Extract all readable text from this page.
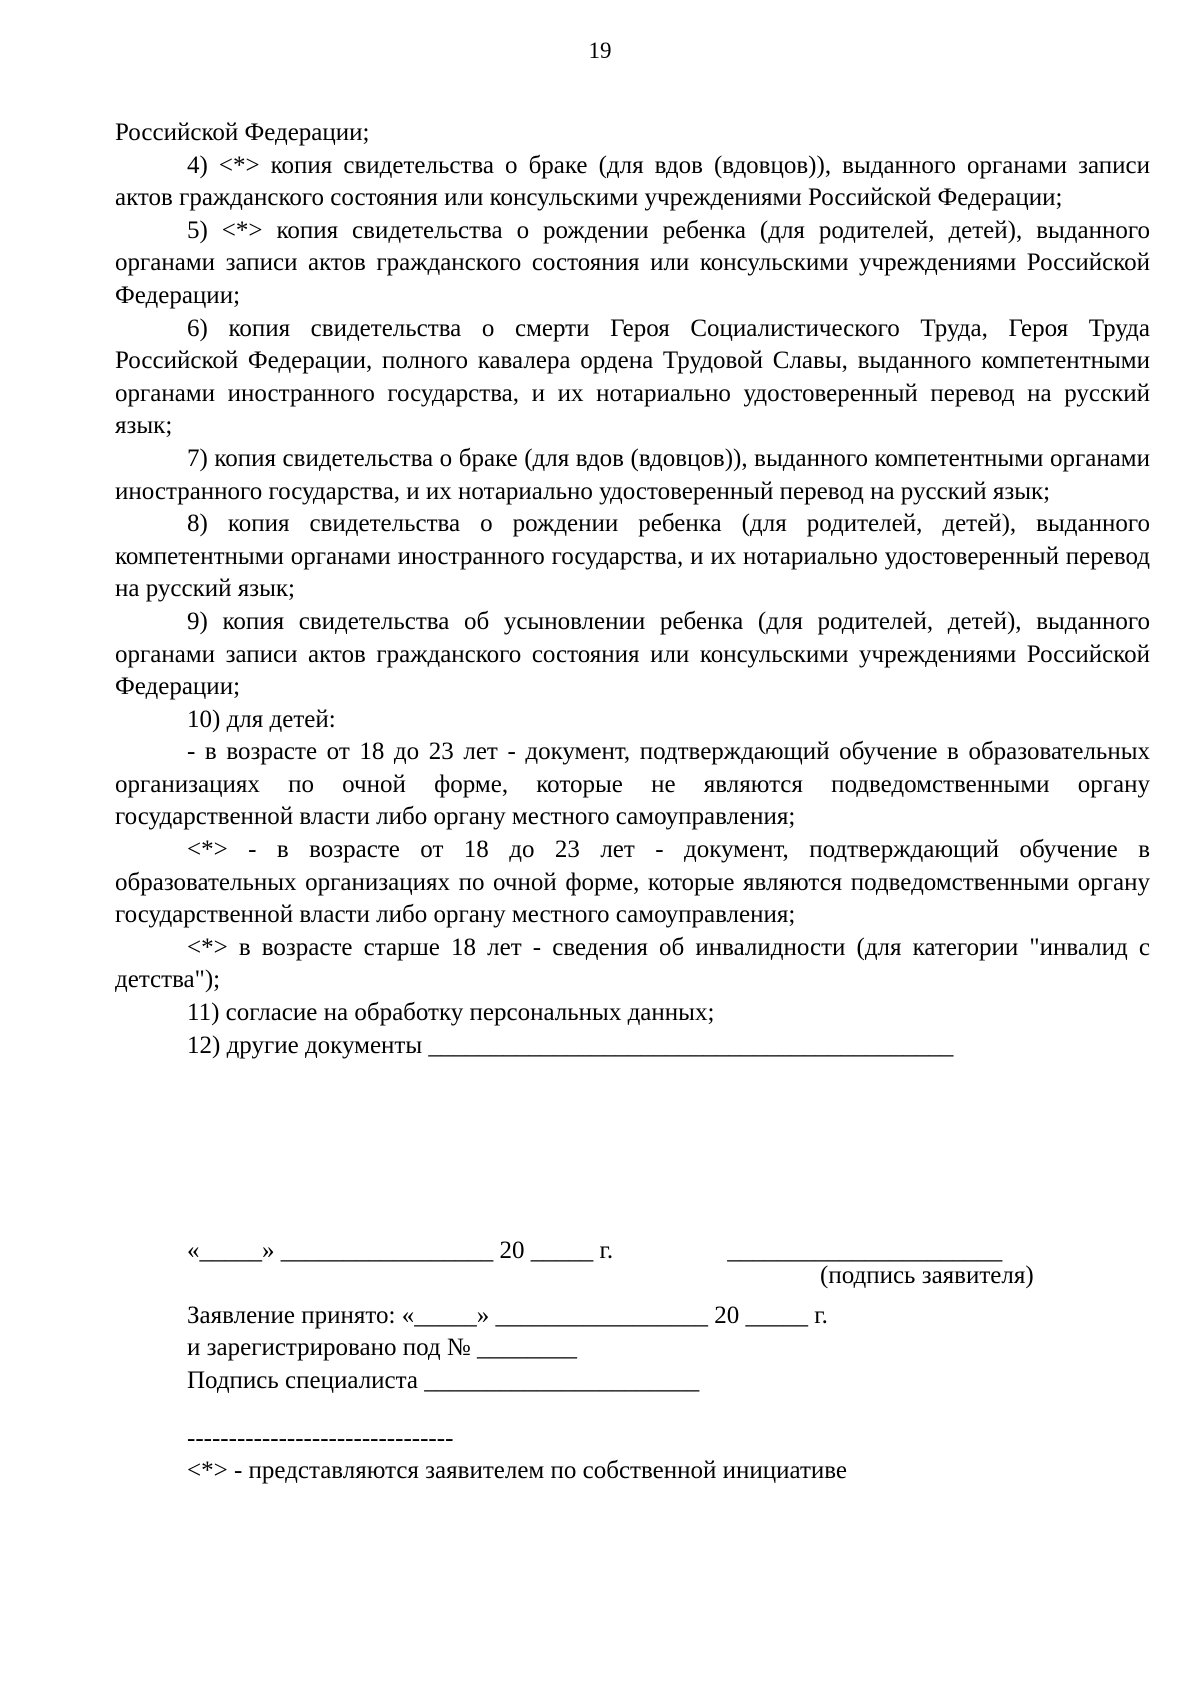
19

Российской Федерации;

4) <*> копия свидетельства о браке (для вдов (вдовцов)), выданного органами записи актов гражданского состояния или консульскими учреждениями Российской Федерации;

5) <*> копия свидетельства о рождении ребенка (для родителей, детей), выданного органами записи актов гражданского состояния или консульскими учреждениями Российской Федерации;

6) копия свидетельства о смерти Героя Социалистического Труда, Героя Труда Российской Федерации, полного кавалера ордена Трудовой Славы, выданного компетентными органами иностранного государства, и их нотариально удостоверенный перевод на русский язык;

7) копия свидетельства о браке (для вдов (вдовцов)), выданного компетентными органами иностранного государства, и их нотариально удостоверенный перевод на русский язык;

8) копия свидетельства о рождении ребенка (для родителей, детей), выданного компетентными органами иностранного государства, и их нотариально удостоверенный перевод на русский язык;

9) копия свидетельства об усыновлении ребенка (для родителей, детей), выданного органами записи актов гражданского состояния или консульскими учреждениями Российской Федерации;

10) для детей:

- в возрасте от 18 до 23 лет - документ, подтверждающий обучение в образовательных организациях по очной форме, которые не являются подведомственными органу государственной власти либо органу местного самоуправления;

<*> - в возрасте от 18 до 23 лет - документ, подтверждающий обучение в образовательных организациях по очной форме, которые являются подведомственными органу государственной власти либо органу местного самоуправления;

<*> в возрасте старше 18 лет - сведения об инвалидности (для категории "инвалид с детства");

11) согласие на обработку персональных данных;

12) другие документы __________________________________________

«_____» _________________ 20 _____ г.	______________________
Заявление принято: «_____» _________________ 20 _____ г.
и зарегистрировано под № ________
Подпись специалиста ______________________
(подпись заявителя)
--------------------------------
<*> - представляются заявителем по собственной инициативе
